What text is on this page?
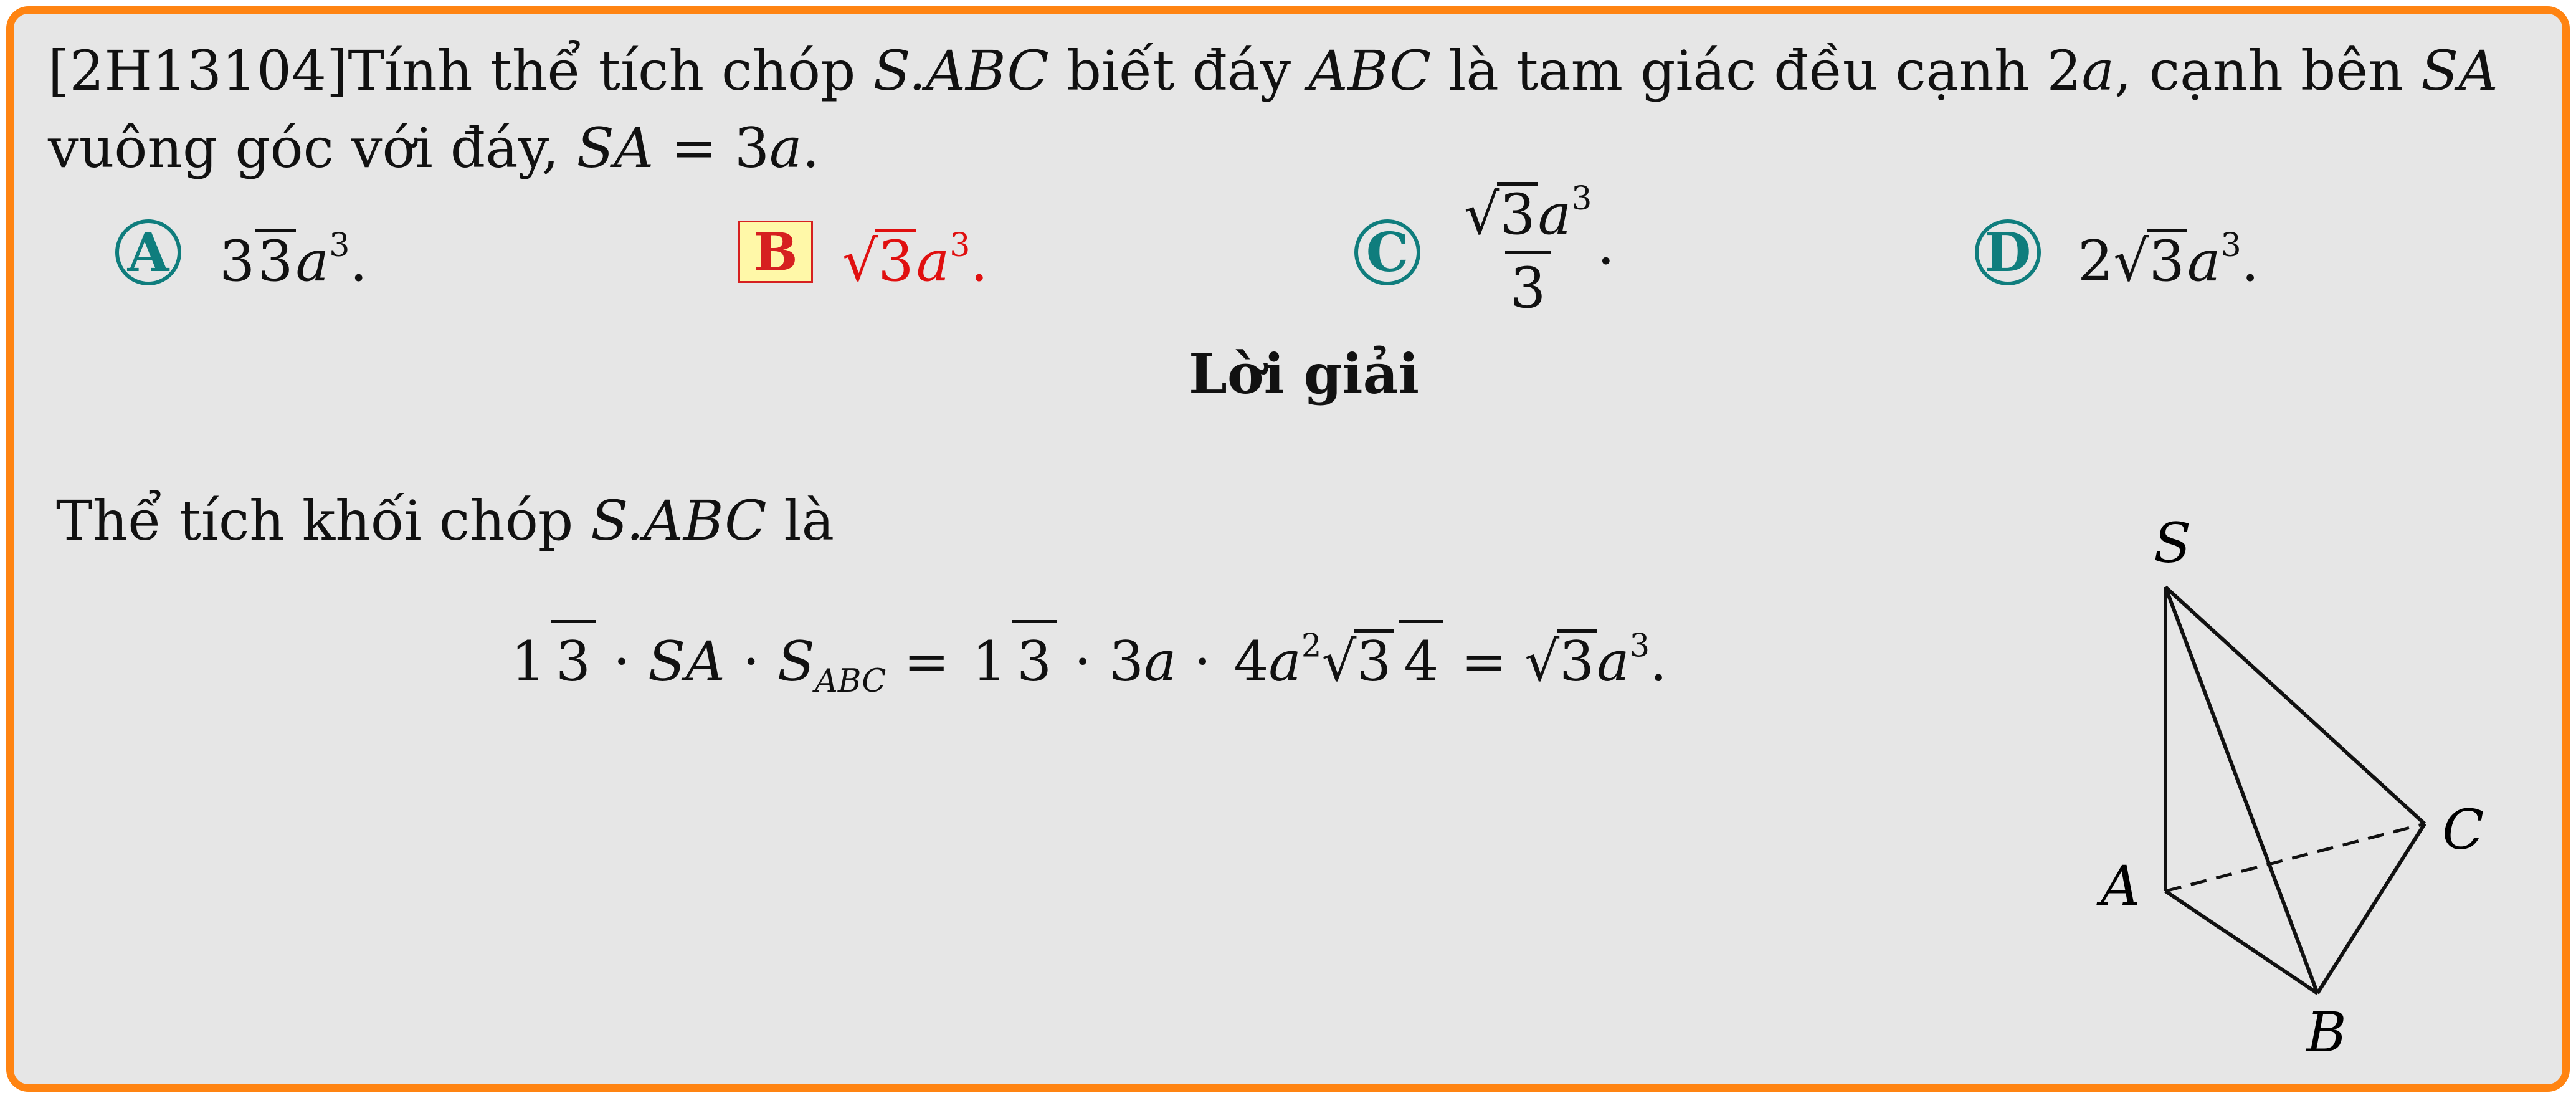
[2H13104]Tính thể tích chóp S.ABC biết đáy ABC là tam giác đều cạnh 2a, cạnh bên SA
vuông góc với đáy, SA = 3a.
A $33a^3$.	B $√3a^3$.	C $\frac{√3a^3}{3}$ .	D $2√3a^3$.
Lời giải
Thể tích khối chóp S.ABC là
1 3 · SA · $S_{ABC} = 1$ $3 \cdot 3a \cdot 4a^2√3$ $4 = √3a^3$.
S
A
B
C
